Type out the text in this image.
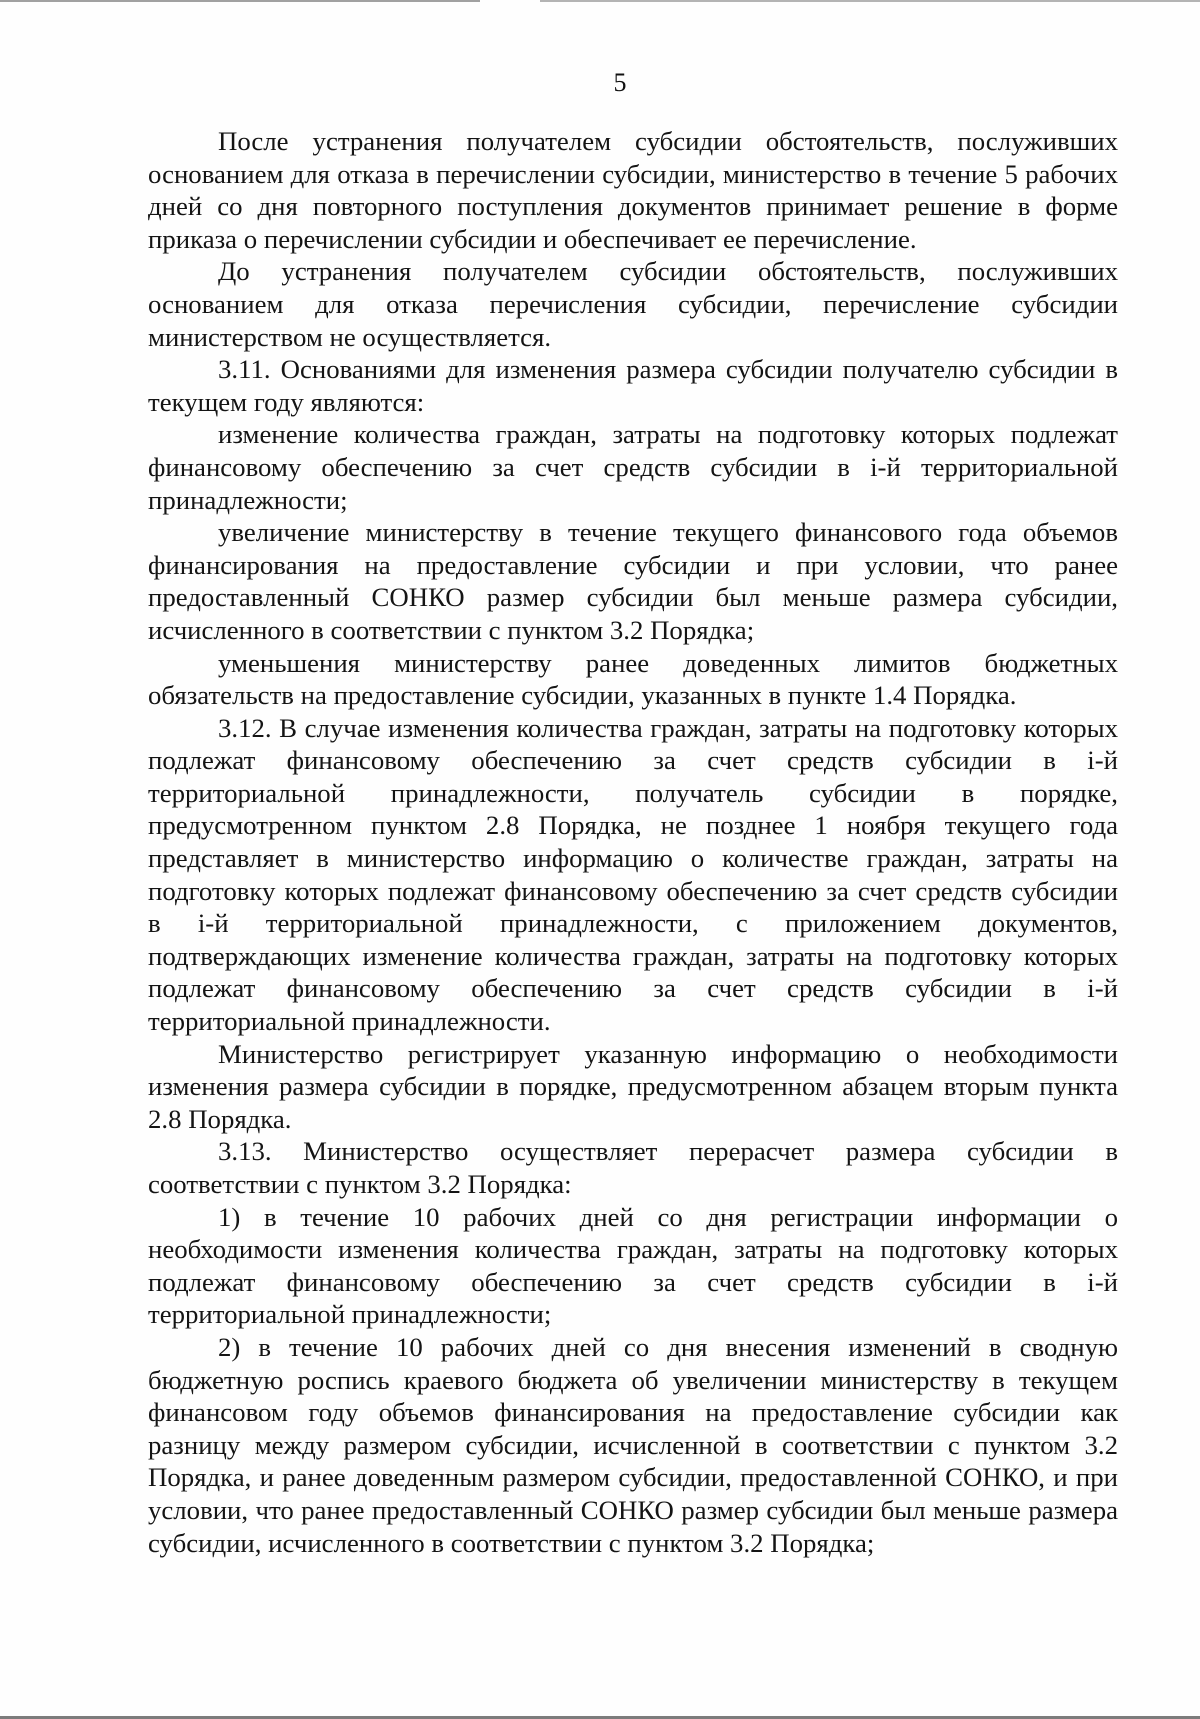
5

После устранения получателем субсидии обстоятельств, послуживших основанием для отказа в перечислении субсидии, министерство в течение 5 рабочих дней со дня повторного поступления документов принимает решение в форме приказа о перечислении субсидии и обеспечивает ее перечисление.

До устранения получателем субсидии обстоятельств, послуживших основанием для отказа перечисления субсидии, перечисление субсидии министерством не осуществляется.

3.11. Основаниями для изменения размера субсидии получателю субсидии в текущем году являются:

изменение количества граждан, затраты на подготовку которых подлежат финансовому обеспечению за счет средств субсидии в i-й территориальной принадлежности;

увеличение министерству в течение текущего финансового года объемов финансирования на предоставление субсидии и при условии, что ранее предоставленный СОНКО размер субсидии был меньше размера субсидии, исчисленного в соответствии с пунктом 3.2 Порядка;

уменьшения министерству ранее доведенных лимитов бюджетных обязательств на предоставление субсидии, указанных в пункте 1.4 Порядка.

3.12. В случае изменения количества граждан, затраты на подготовку которых подлежат финансовому обеспечению за счет средств субсидии в i-й территориальной принадлежности, получатель субсидии в порядке, предусмотренном пунктом 2.8 Порядка, не позднее 1 ноября текущего года представляет в министерство информацию о количестве граждан, затраты на подготовку которых подлежат финансовому обеспечению за счет средств субсидии в i-й территориальной принадлежности, с приложением документов, подтверждающих изменение количества граждан, затраты на подготовку которых подлежат финансовому обеспечению за счет средств субсидии в i-й территориальной принадлежности.

Министерство регистрирует указанную информацию о необходимости изменения размера субсидии в порядке, предусмотренном абзацем вторым пункта 2.8 Порядка.

3.13. Министерство осуществляет перерасчет размера субсидии в соответствии с пунктом 3.2 Порядка:

1) в течение 10 рабочих дней со дня регистрации информации о необходимости изменения количества граждан, затраты на подготовку которых подлежат финансовому обеспечению за счет средств субсидии в i-й территориальной принадлежности;

2) в течение 10 рабочих дней со дня внесения изменений в сводную бюджетную роспись краевого бюджета об увеличении министерству в текущем финансовом году объемов финансирования на предоставление субсидии как разницу между размером субсидии, исчисленной в соответствии с пунктом 3.2 Порядка, и ранее доведенным размером субсидии, предоставленной СОНКО, и при условии, что ранее предоставленный СОНКО размер субсидии был меньше размера субсидии, исчисленного в соответствии с пунктом 3.2 Порядка;
